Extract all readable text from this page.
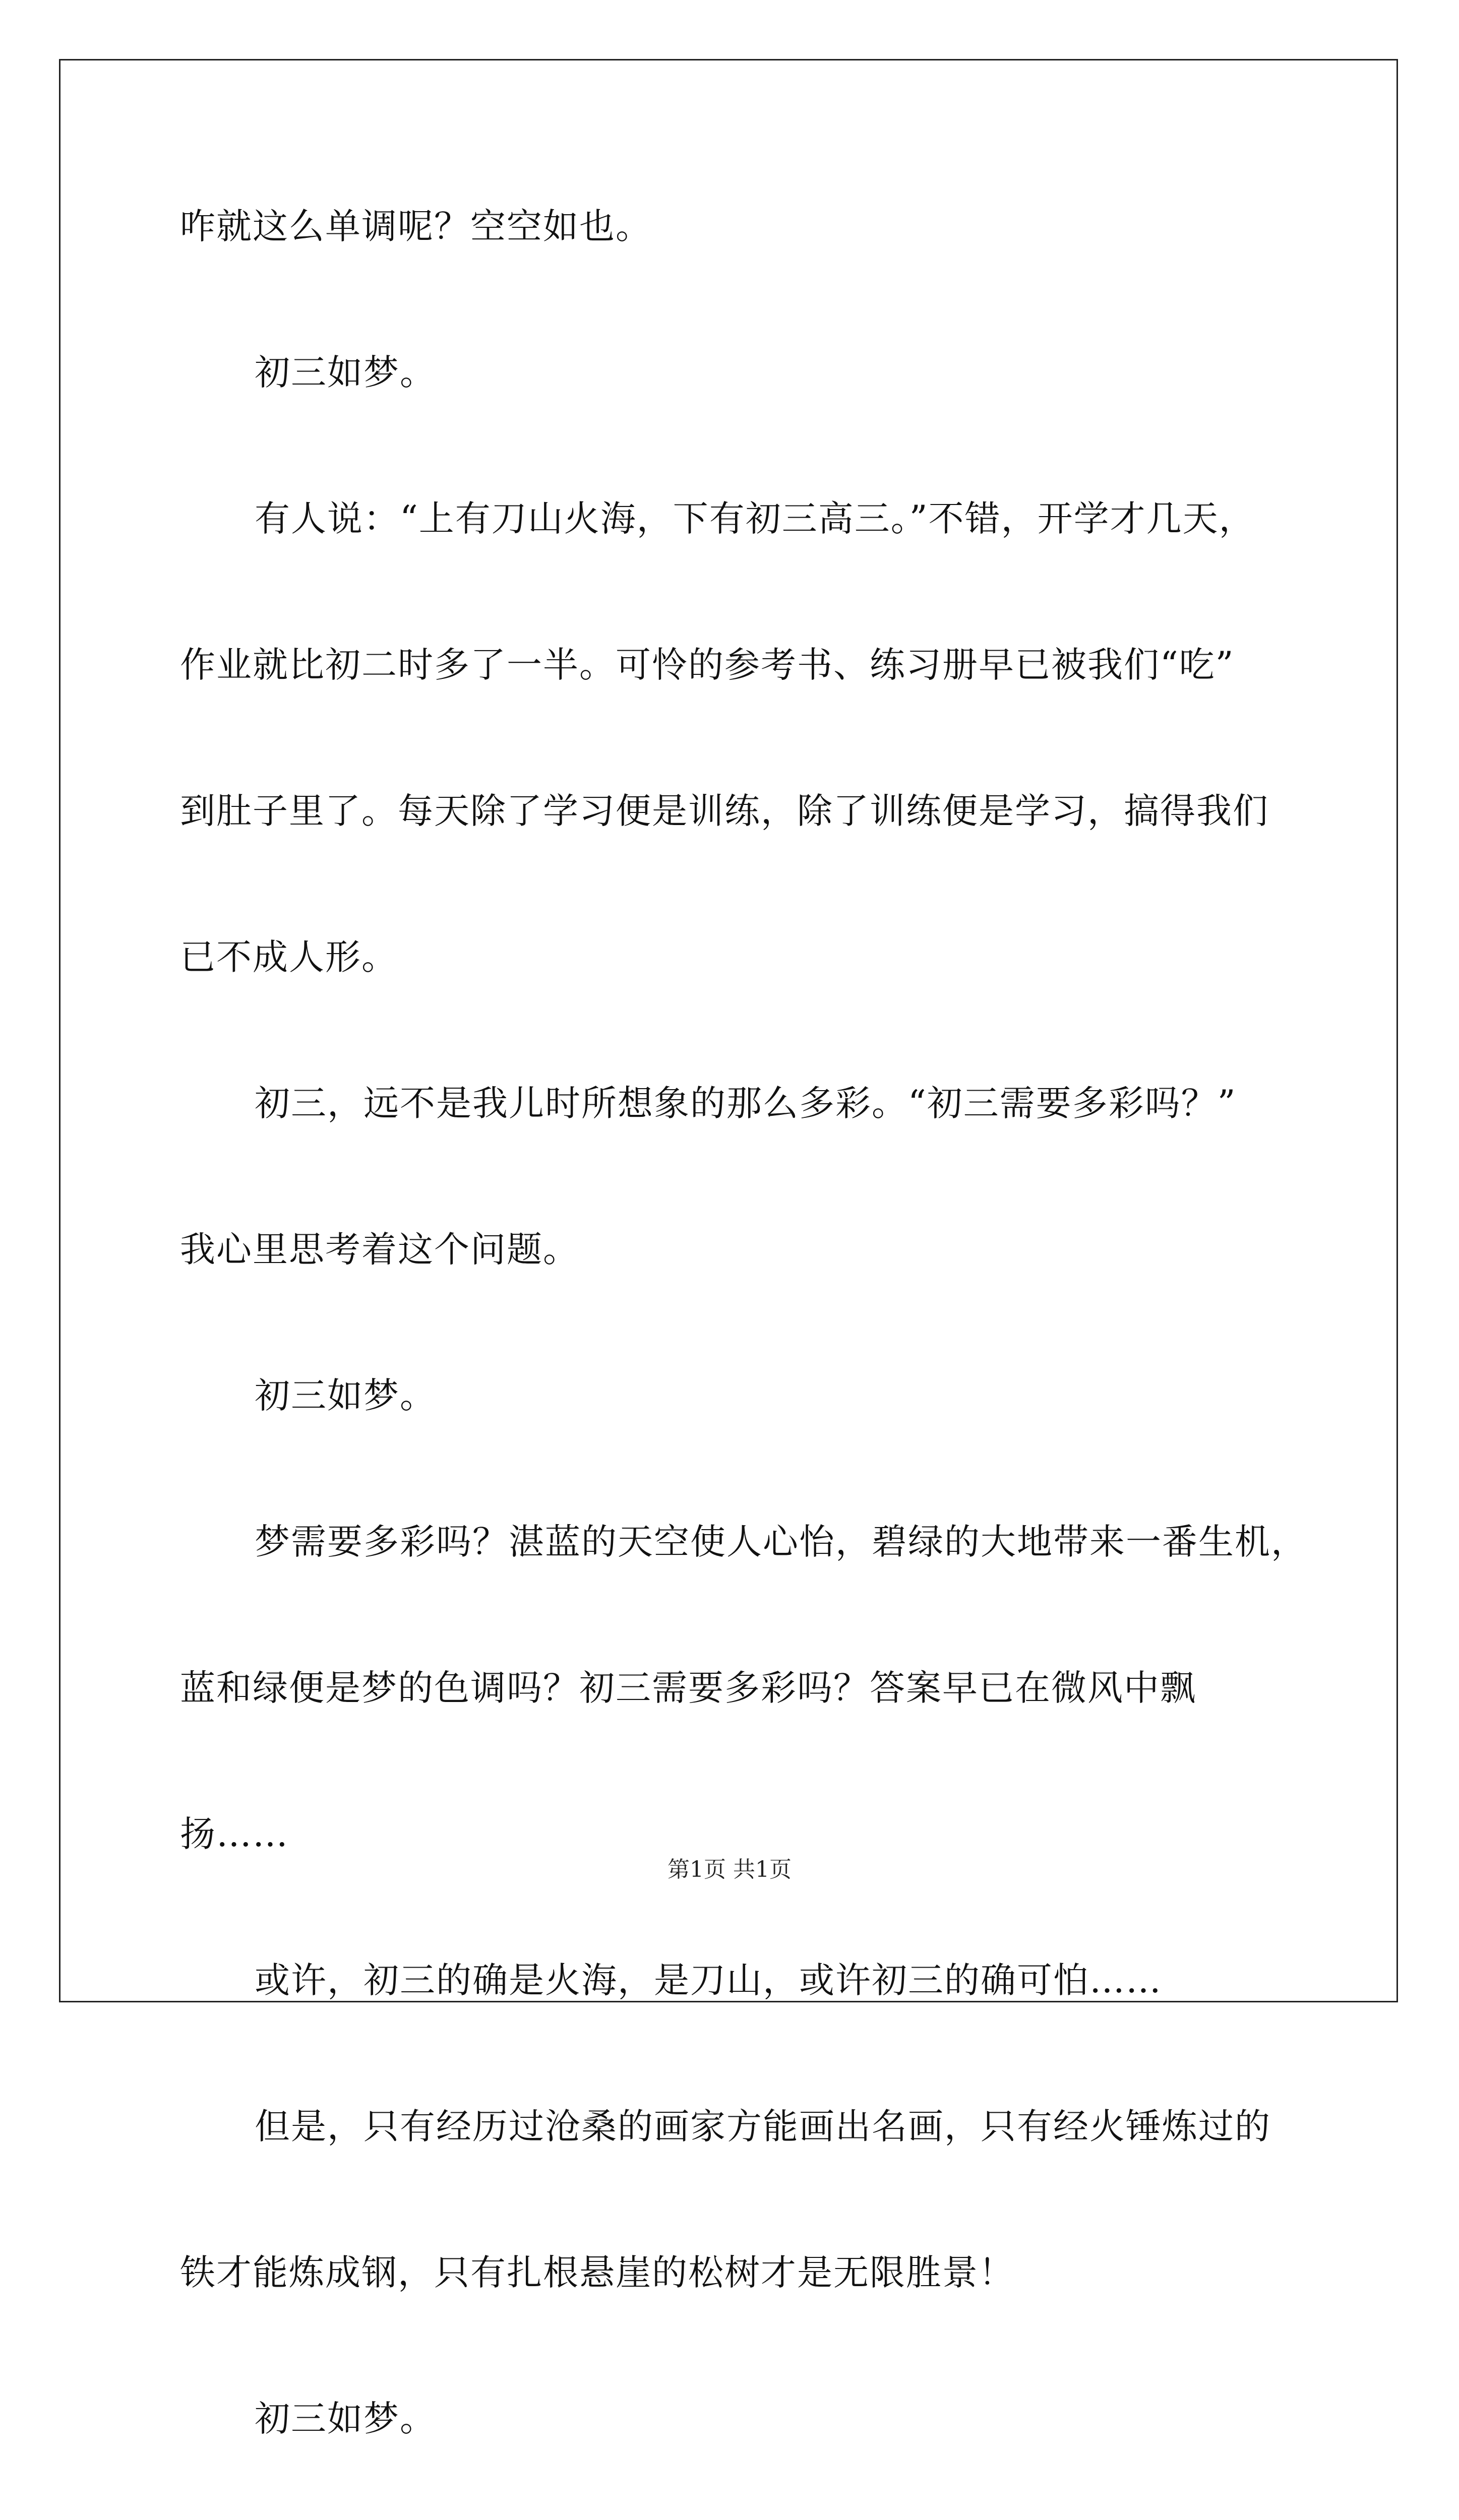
咋就这么单调呢？空空如也。
初三如梦。
有人说：“上有刀山火海，下有初三高三。”不错，开学才几天，
作业就比初二时多了一半。可怜的参考书、练习册早已被我们“吃”
到肚子里了。每天除了学习便是训练，除了训练便是学习，搞得我们
已不成人形。
初三，远不是我儿时所想象的那么多彩。“初三需要多彩吗？”
我心里思考着这个问题。
初三如梦。
梦需要多彩吗？湛蓝的天空使人心怡，碧绿的大地带来一番生机，
蓝和绿便是梦的色调吗？初三需要多彩吗？答案早已在微风中飘
扬……
或许，初三的确是火海，是刀山，或许初三的确可怕……
但是，只有经历过沧桑的画家方能画出名画，只有经火锤炼过的
铁才能炼成钢，只有扎根悬崖的松树才是无限胜景！
初三如梦。
第1页 共1页
